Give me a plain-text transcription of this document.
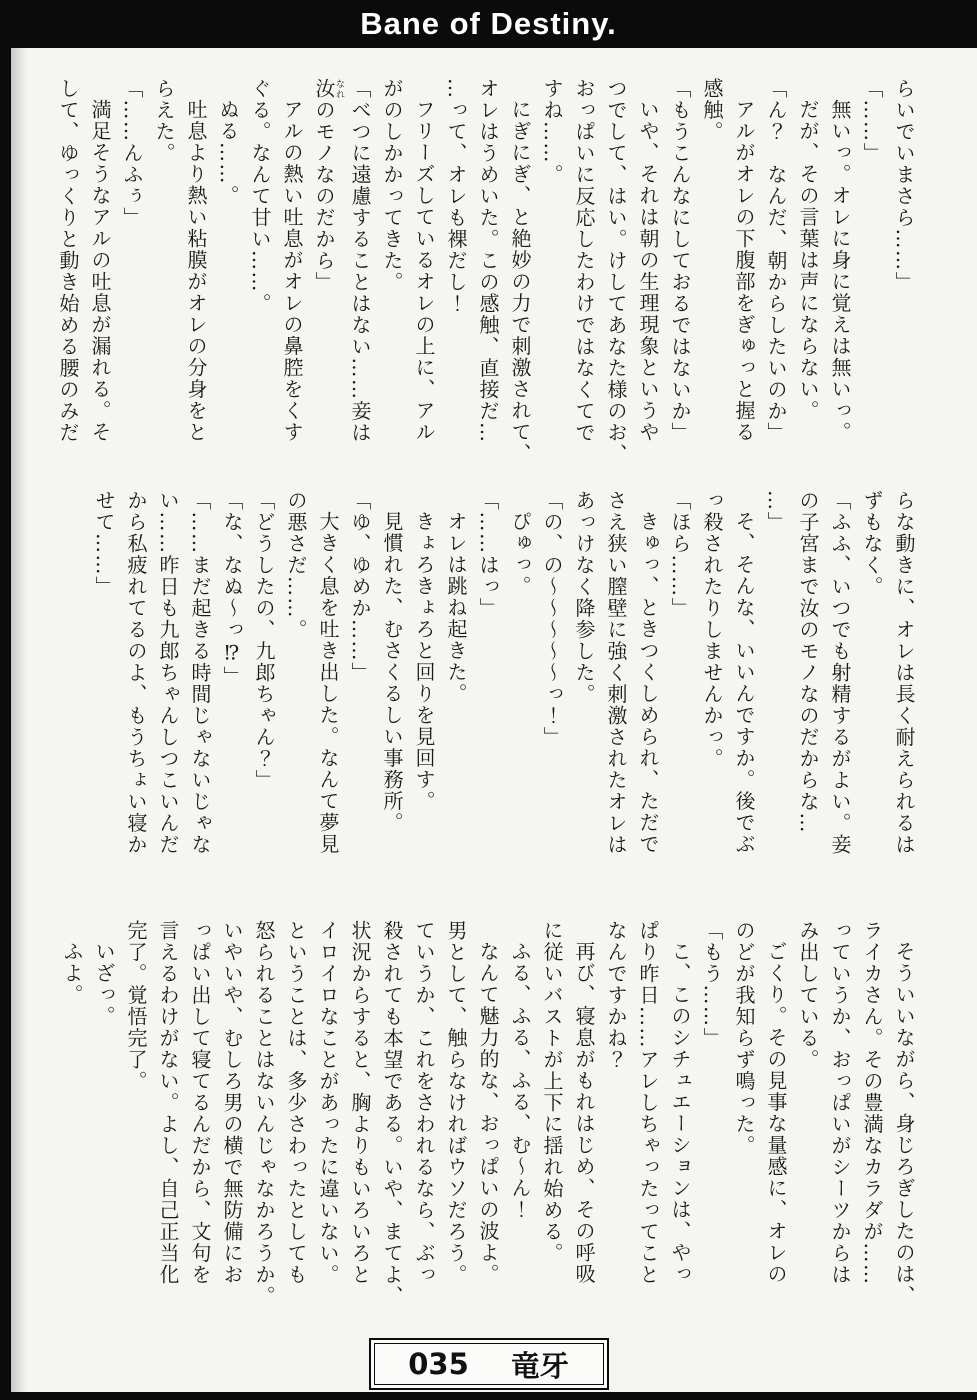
Bane of Destiny.

らいでいまさら……」

「……」

無いっ。オレに身に覚えは無いっ。

だが、その言葉は声にならない。

「ん？　なんだ、朝からしたいのか」

アルがオレの下腹部をぎゅっと握る

感触。

「もうこんなにしておるではないか」

いや、それは朝の生理現象というや

つでして、はい。けしてあなた様のお、

おっぱいに反応したわけではなくてで

すね……。

にぎにぎ、と絶妙の力で刺激されて、

オレはうめいた。この感触、直接だ…

…って、オレも裸だし！

フリーズしているオレの上に、アル

がのしかかってきた。

「べつに遠慮することはない……妾は

汝なれのモノなのだから」

アルの熱い吐息がオレの鼻腔をくす

ぐる。なんて甘い……。

ぬる……。

吐息より熱い粘膜がオレの分身をと

らえた。

「……んふぅ」

満足そうなアルの吐息が漏れる。そ

して、ゆっくりと動き始める腰のみだ

らな動きに、オレは長く耐えられるは

ずもなく。

「ふふ、いつでも射精するがよい。妾

の子宮まで汝のモノなのだからな…

…」

そ、そんな、いいんですか。後でぶ

っ殺されたりしませんかっ。

「ほら……」

きゅっ、ときつくしめられ、ただで

さえ狭い膣壁に強く刺激されたオレは

あっけなく降参した。

「の、の〜〜〜〜〜っ！」

ぴゅっ。

「……はっ」

オレは跳ね起きた。

きょろきょろと回りを見回す。

見慣れた、むさくるしい事務所。

「ゆ、ゆめか……」

大きく息を吐き出した。なんて夢見

の悪さだ……。

「どうしたの、九郎ちゃん？」

「な、なぬ〜っ⁉」

「……まだ起きる時間じゃないじゃな

い……昨日も九郎ちゃんしつこいんだ

から私疲れてるのよ、もうちょい寝か

せて……」

そういいながら、身じろぎしたのは、

ライカさん。その豊満なカラダが……

っていうか、おっぱいがシーツからは

み出している。

ごくり。その見事な量感に、オレの

のどが我知らず鳴った。

「もう……」

こ、このシチュエーションは、やっ

ぱり昨日……アレしちゃったってこと

なんですかね？

再び、寝息がもれはじめ、その呼吸

に従いバストが上下に揺れ始める。

ふる、ふる、ふる、む〜ん！

なんて魅力的な、おっぱいの波よ。

男として、触らなければウソだろう。

ていうか、これをさわれるなら、ぶっ

殺されても本望である。いや、まてよ、

状況からすると、胸よりもいろいろと

イロイロなことがあったに違いない。

ということは、多少さわったとしても

怒られることはないんじゃなかろうか。

いやいや、むしろ男の横で無防備にお

っぱい出して寝てるんだから、文句を

言えるわけがない。よし、自己正当化

完了。覚悟完了。

いざっ。

ふよ。

035 竜牙
